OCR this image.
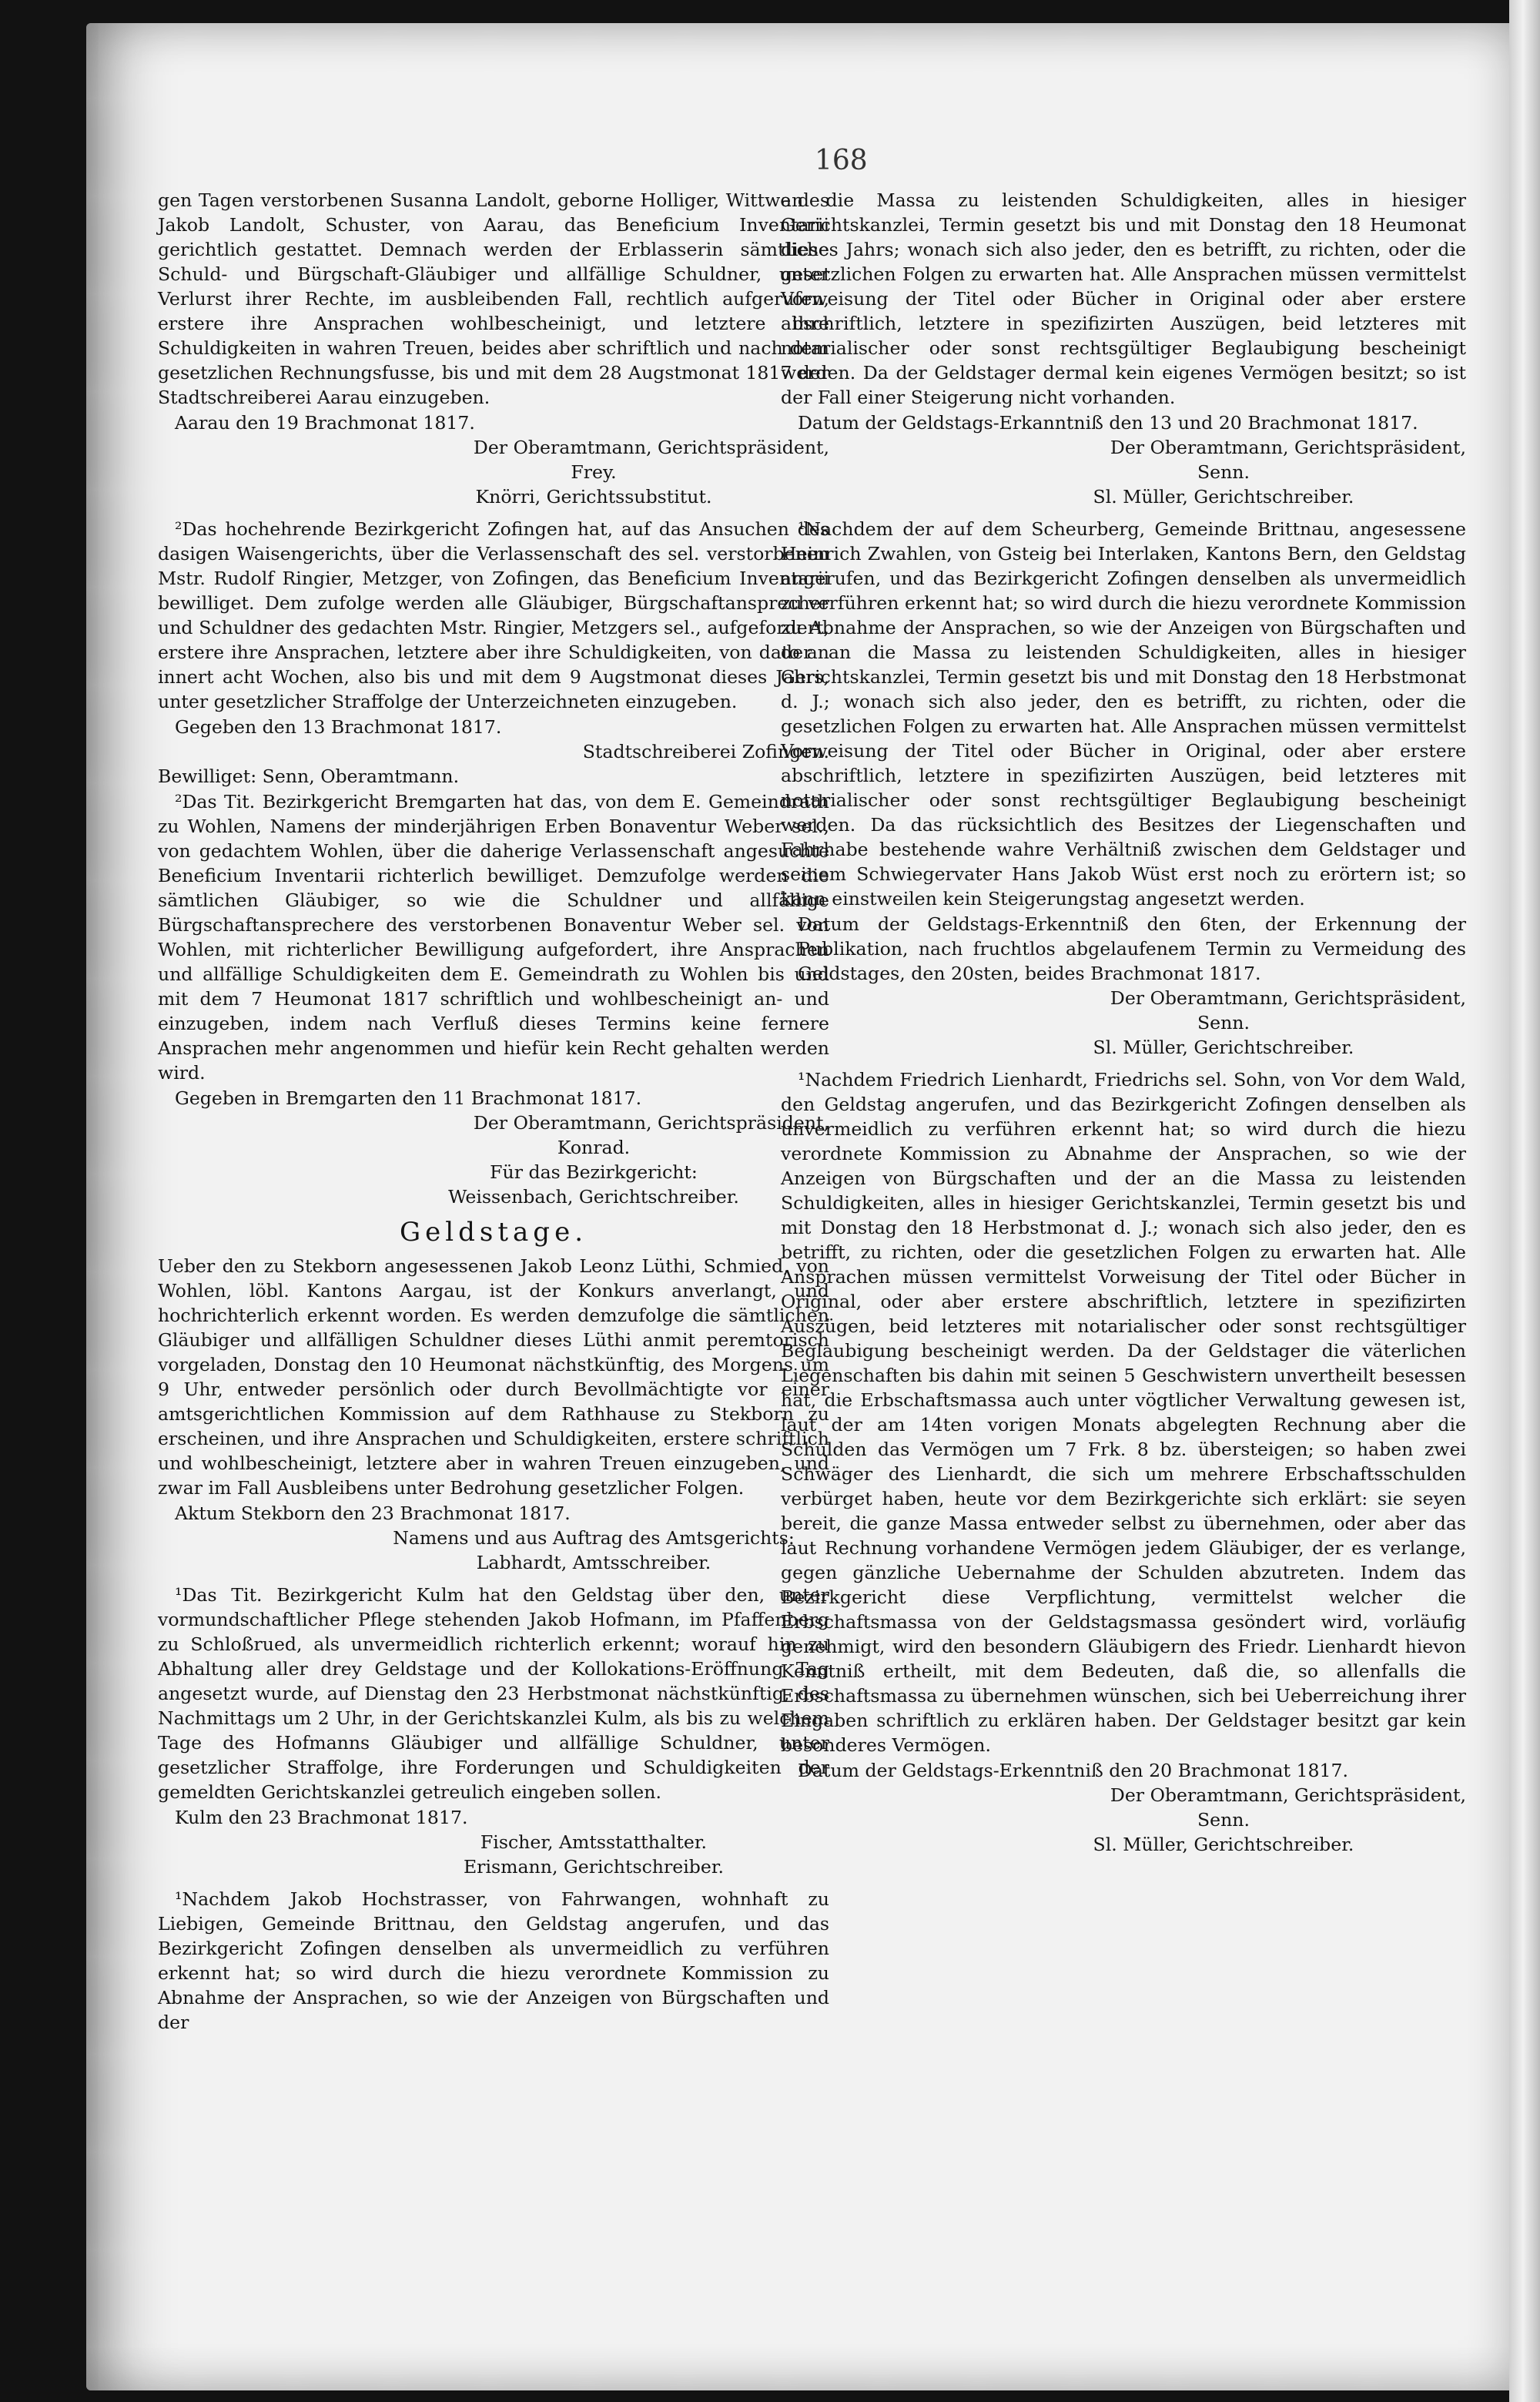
168

gen Tagen verstorbenen Susanna Landolt, geborne Holliger, Wittwe des Jakob Landolt, Schuster, von Aarau, das Beneficium Inventarii gerichtlich gestattet. Demnach werden der Erblasserin sämtliche Schuld- und Bürgschaft-Gläubiger und allfällige Schuldner, unter Verlurst ihrer Rechte, im ausbleibenden Fall, rechtlich aufgerufen, erstere ihre Ansprachen wohlbescheinigt, und letztere ihre Schuldigkeiten in wahren Treuen, beides aber schriftlich und nach dem gesetzlichen Rechnungsfusse, bis und mit dem 28 Augstmonat 1817 der Stadtschreiberei Aarau einzugeben.

Aarau den 19 Brachmonat 1817.

Der Oberamtmann, Gerichtspräsident,

Frey.

Knörri, Gerichtssubstitut.

²Das hochehrende Bezirkgericht Zofingen hat, auf das Ansuchen des dasigen Waisengerichts, über die Verlassenschaft des sel. verstorbenen Mstr. Rudolf Ringier, Metzger, von Zofingen, das Beneficium Inventarii bewilliget. Dem zufolge werden alle Gläubiger, Bürgschaftansprecher und Schuldner des gedachten Mstr. Ringier, Metzgers sel., aufgefordert, erstere ihre Ansprachen, letztere aber ihre Schuldigkeiten, von dato an innert acht Wochen, also bis und mit dem 9 Augstmonat dieses Jahrs, unter gesetzlicher Straffolge der Unterzeichneten einzugeben.

Gegeben den 13 Brachmonat 1817.

Stadtschreiberei Zofingen.

Bewilliget: Senn, Oberamtmann.

²Das Tit. Bezirkgericht Bremgarten hat das, von dem E. Gemeindrath zu Wohlen, Namens der minderjährigen Erben Bonaventur Weber sel., von gedachtem Wohlen, über die daherige Verlassenschaft angesuchte Beneficium Inventarii richterlich bewilliget. Demzufolge werden die sämtlichen Gläubiger, so wie die Schuldner und allfällige Bürgschaftansprechere des verstorbenen Bonaventur Weber sel. von Wohlen, mit richterlicher Bewilligung aufgefordert, ihre Ansprachen und allfällige Schuldigkeiten dem E. Gemeindrath zu Wohlen bis und mit dem 7 Heumonat 1817 schriftlich und wohlbescheinigt an- und einzugeben, indem nach Verfluß dieses Termins keine fernere Ansprachen mehr angenommen und hiefür kein Recht gehalten werden wird.

Gegeben in Bremgarten den 11 Brachmonat 1817.

Der Oberamtmann, Gerichtspräsident,

Konrad.

Für das Bezirkgericht:

Weissenbach, Gerichtschreiber.

Geldstage.

Ueber den zu Stekborn angesessenen Jakob Leonz Lüthi, Schmied, von Wohlen, löbl. Kantons Aargau, ist der Konkurs anverlangt, und hochrichterlich erkennt worden. Es werden demzufolge die sämtlichen Gläubiger und allfälligen Schuldner dieses Lüthi anmit peremtorisch vorgeladen, Donstag den 10 Heumonat nächstkünftig, des Morgens um 9 Uhr, entweder persönlich oder durch Bevollmächtigte vor einer amtsgerichtlichen Kommission auf dem Rathhause zu Stekborn zu erscheinen, und ihre Ansprachen und Schuldigkeiten, erstere schriftlich und wohlbescheinigt, letztere aber in wahren Treuen einzugeben, und zwar im Fall Ausbleibens unter Bedrohung gesetzlicher Folgen.

Aktum Stekborn den 23 Brachmonat 1817.

Namens und aus Auftrag des Amtsgerichts:

Labhardt, Amtsschreiber.

¹Das Tit. Bezirkgericht Kulm hat den Geldstag über den, unter vormundschaftlicher Pflege stehenden Jakob Hofmann, im Pfaffenberg zu Schloßrued, als unvermeidlich richterlich erkennt; worauf hin zu Abhaltung aller drey Geldstage und der Kollokations-Eröffnung Tag angesetzt wurde, auf Dienstag den 23 Herbstmonat nächstkünftig, des Nachmittags um 2 Uhr, in der Gerichtskanzlei Kulm, als bis zu welchem Tage des Hofmanns Gläubiger und allfällige Schuldner, unter gesetzlicher Straffolge, ihre Forderungen und Schuldigkeiten der gemeldten Gerichtskanzlei getreulich eingeben sollen.

Kulm den 23 Brachmonat 1817.

Fischer, Amtsstatthalter.

Erismann, Gerichtschreiber.

¹Nachdem Jakob Hochstrasser, von Fahrwangen, wohnhaft zu Liebigen, Gemeinde Brittnau, den Geldstag angerufen, und das Bezirkgericht Zofingen denselben als unvermeidlich zu verführen erkennt hat; so wird durch die hiezu verordnete Kommission zu Abnahme der Ansprachen, so wie der Anzeigen von Bürgschaften und der

an die Massa zu leistenden Schuldigkeiten, alles in hiesiger Gerichtskanzlei, Termin gesetzt bis und mit Donstag den 18 Heumonat dieses Jahrs; wonach sich also jeder, den es betrifft, zu richten, oder die gesetzlichen Folgen zu erwarten hat. Alle Ansprachen müssen vermittelst Vorweisung der Titel oder Bücher in Original oder aber erstere abschriftlich, letztere in spezifizirten Auszügen, beid letzteres mit notarialischer oder sonst rechtsgültiger Beglaubigung bescheinigt werden. Da der Geldstager dermal kein eigenes Vermögen besitzt; so ist der Fall einer Steigerung nicht vorhanden.

Datum der Geldstags-Erkanntniß den 13 und 20 Brachmonat 1817.

Der Oberamtmann, Gerichtspräsident,

Senn.

Sl. Müller, Gerichtschreiber.

¹Nachdem der auf dem Scheurberg, Gemeinde Brittnau, angesessene Heinrich Zwahlen, von Gsteig bei Interlaken, Kantons Bern, den Geldstag angerufen, und das Bezirkgericht Zofingen denselben als unvermeidlich zu verführen erkennt hat; so wird durch die hiezu verordnete Kommission zu Abnahme der Ansprachen, so wie der Anzeigen von Bürgschaften und der an die Massa zu leistenden Schuldigkeiten, alles in hiesiger Gerichtskanzlei, Termin gesetzt bis und mit Donstag den 18 Herbstmonat d. J.; wonach sich also jeder, den es betrifft, zu richten, oder die gesetzlichen Folgen zu erwarten hat. Alle Ansprachen müssen vermittelst Vorweisung der Titel oder Bücher in Original, oder aber erstere abschriftlich, letztere in spezifizirten Auszügen, beid letzteres mit notarialischer oder sonst rechtsgültiger Beglaubigung bescheinigt werden. Da das rücksichtlich des Besitzes der Liegenschaften und Fahrhabe bestehende wahre Verhältniß zwischen dem Geldstager und seinem Schwiegervater Hans Jakob Wüst erst noch zu erörtern ist; so kann einstweilen kein Steigerungstag angesetzt werden.

Datum der Geldstags-Erkenntniß den 6ten, der Erkennung der Publikation, nach fruchtlos abgelaufenem Termin zu Vermeidung des Geldstages, den 20sten, beides Brachmonat 1817.

Der Oberamtmann, Gerichtspräsident,

Senn.

Sl. Müller, Gerichtschreiber.

¹Nachdem Friedrich Lienhardt, Friedrichs sel. Sohn, von Vor dem Wald, den Geldstag angerufen, und das Bezirkgericht Zofingen denselben als unvermeidlich zu verführen erkennt hat; so wird durch die hiezu verordnete Kommission zu Abnahme der Ansprachen, so wie der Anzeigen von Bürgschaften und der an die Massa zu leistenden Schuldigkeiten, alles in hiesiger Gerichtskanzlei, Termin gesetzt bis und mit Donstag den 18 Herbstmonat d. J.; wonach sich also jeder, den es betrifft, zu richten, oder die gesetzlichen Folgen zu erwarten hat. Alle Ansprachen müssen vermittelst Vorweisung der Titel oder Bücher in Original, oder aber erstere abschriftlich, letztere in spezifizirten Auszügen, beid letzteres mit notarialischer oder sonst rechtsgültiger Beglaubigung bescheinigt werden. Da der Geldstager die väterlichen Liegenschaften bis dahin mit seinen 5 Geschwistern unvertheilt besessen hat, die Erbschaftsmassa auch unter vögtlicher Verwaltung gewesen ist, laut der am 14ten vorigen Monats abgelegten Rechnung aber die Schulden das Vermögen um 7 Frk. 8 bz. übersteigen; so haben zwei Schwäger des Lienhardt, die sich um mehrere Erbschaftsschulden verbürget haben, heute vor dem Bezirkgerichte sich erklärt: sie seyen bereit, die ganze Massa entweder selbst zu übernehmen, oder aber das laut Rechnung vorhandene Vermögen jedem Gläubiger, der es verlange, gegen gänzliche Uebernahme der Schulden abzutreten. Indem das Bezirkgericht diese Verpflichtung, vermittelst welcher die Erbschaftsmassa von der Geldstagsmassa gesöndert wird, vorläufig genehmigt, wird den besondern Gläubigern des Friedr. Lienhardt hievon Kenntniß ertheilt, mit dem Bedeuten, daß die, so allenfalls die Erbschaftsmassa zu übernehmen wünschen, sich bei Ueberreichung ihrer Eingaben schriftlich zu erklären haben. Der Geldstager besitzt gar kein besonderes Vermögen.

Datum der Geldstags-Erkenntniß den 20 Brachmonat 1817.

Der Oberamtmann, Gerichtspräsident,

Senn.

Sl. Müller, Gerichtschreiber.
